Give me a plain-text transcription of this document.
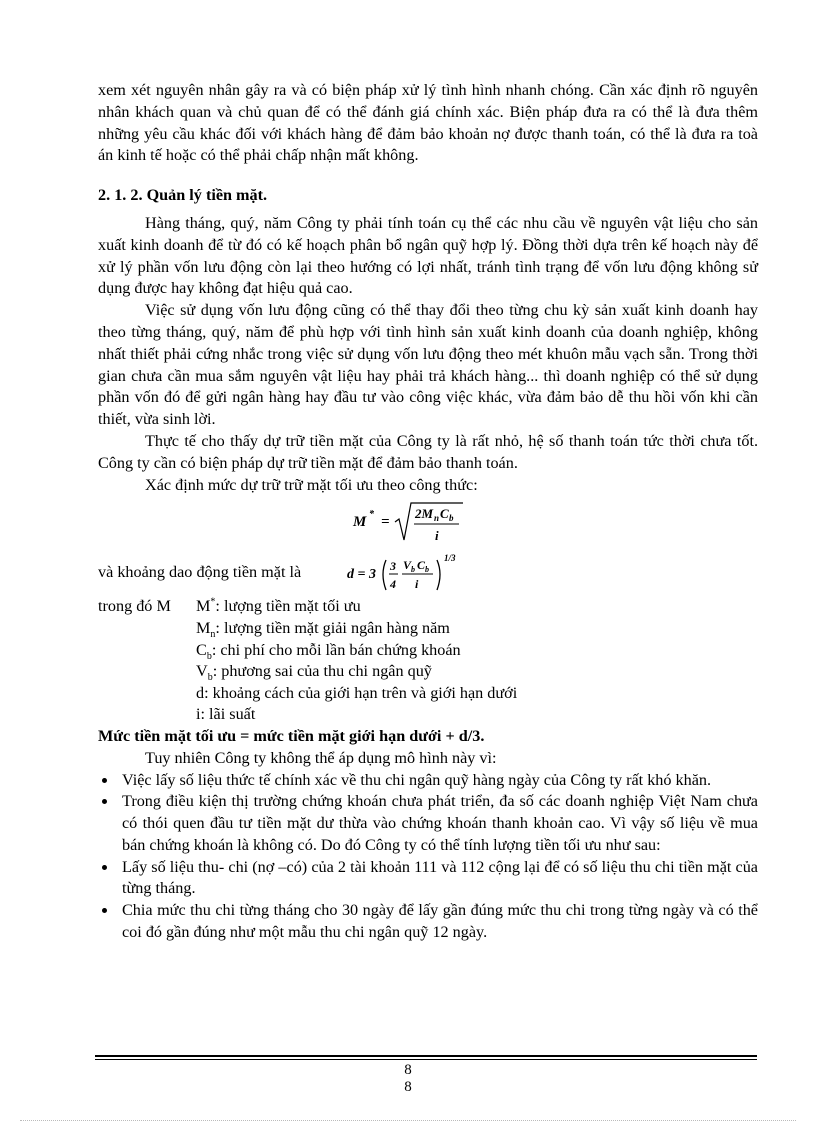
xem xét nguyên nhân gây ra và có biện pháp xử lý tình hình nhanh chóng. Cần xác định rõ nguyên nhân khách quan và chủ quan để có thể đánh giá chính xác. Biện pháp đưa ra có thể là đưa thêm những yêu cầu khác đối với khách hàng để đảm bảo khoản nợ được thanh toán, có thể là đưa ra toà án kinh tế hoặc có thể phải chấp nhận mất không.

2. 1. 2. Quản lý tiền mặt.

Hàng tháng, quý, năm Công ty phải tính toán cụ thể các nhu cầu về nguyên vật liệu cho sản xuất kinh doanh để từ đó có kế hoạch phân bổ ngân quỹ hợp lý. Đồng thời dựa trên kế hoạch này để xử lý phần vốn lưu động còn lại theo hướng có lợi nhất, tránh tình trạng để vốn lưu động không sử dụng được hay không đạt hiệu quả cao.

Việc sử dụng vốn lưu động cũng có thể thay đổi theo từng chu kỳ sản xuất kinh doanh hay theo từng tháng, quý, năm để phù hợp với tình hình sản xuất kinh doanh của doanh nghiệp, không nhất thiết phải cứng nhắc trong việc sử dụng vốn lưu động theo mét khuôn mẫu vạch sẵn. Trong thời gian chưa cần mua sắm nguyên vật liệu hay phải trả khách hàng... thì doanh nghiệp có thể sử dụng phần vốn đó để gửi ngân hàng hay đầu tư vào công việc khác, vừa đảm bảo dễ thu hồi vốn khi cần thiết, vừa sinh lời.

Thực tế cho thấy dự trữ tiền mặt của Công ty là rất nhỏ, hệ số thanh toán tức thời chưa tốt. Công ty cần có biện pháp dự trữ tiền mặt để đảm bảo thanh toán.

Xác định mức dự trữ trữ mặt tối ưu theo công thức:

M * =
2M n C b
i
và khoảng dao động tiền mặt là	d = 3
3
4
V b C b
i
1/3
trong đó M M*: lượng tiền mặt tối ưu
$M_n$: lượng tiền mặt giải ngân hàng năm
$C_b$: chi phí cho mỗi lần bán chứng khoán
$V_b$: phương sai của thu chi ngân quỹ
d: khoảng cách của giới hạn trên và giới hạn dưới
i: lãi suất
Mức tiền mặt tối ưu = mức tiền mặt giới hạn dưới + d/3.

Tuy nhiên Công ty không thể áp dụng mô hình này vì:

Việc lấy số liệu thức tế chính xác về thu chi ngân quỹ hàng ngày của Công ty rất khó khăn.
Trong điều kiện thị trường chứng khoán chưa phát triển, đa số các doanh nghiệp Việt Nam chưa có thói quen đầu tư tiền mặt dư thừa vào chứng khoán thanh khoản cao. Vì vậy số liệu về mua bán chứng khoán là không có. Do đó Công ty có thể tính lượng tiền tối ưu như sau:
Lấy số liệu thu- chi (nợ –có) của 2 tài khoản 111 và 112 cộng lại để có số liệu thu chi tiền mặt của từng tháng.
Chia mức thu chi từng tháng cho 30 ngày để lấy gần đúng mức thu chi trong từng ngày và có thể coi đó gần đúng như một mẫu thu chi ngân quỹ 12 ngày.
8
8
